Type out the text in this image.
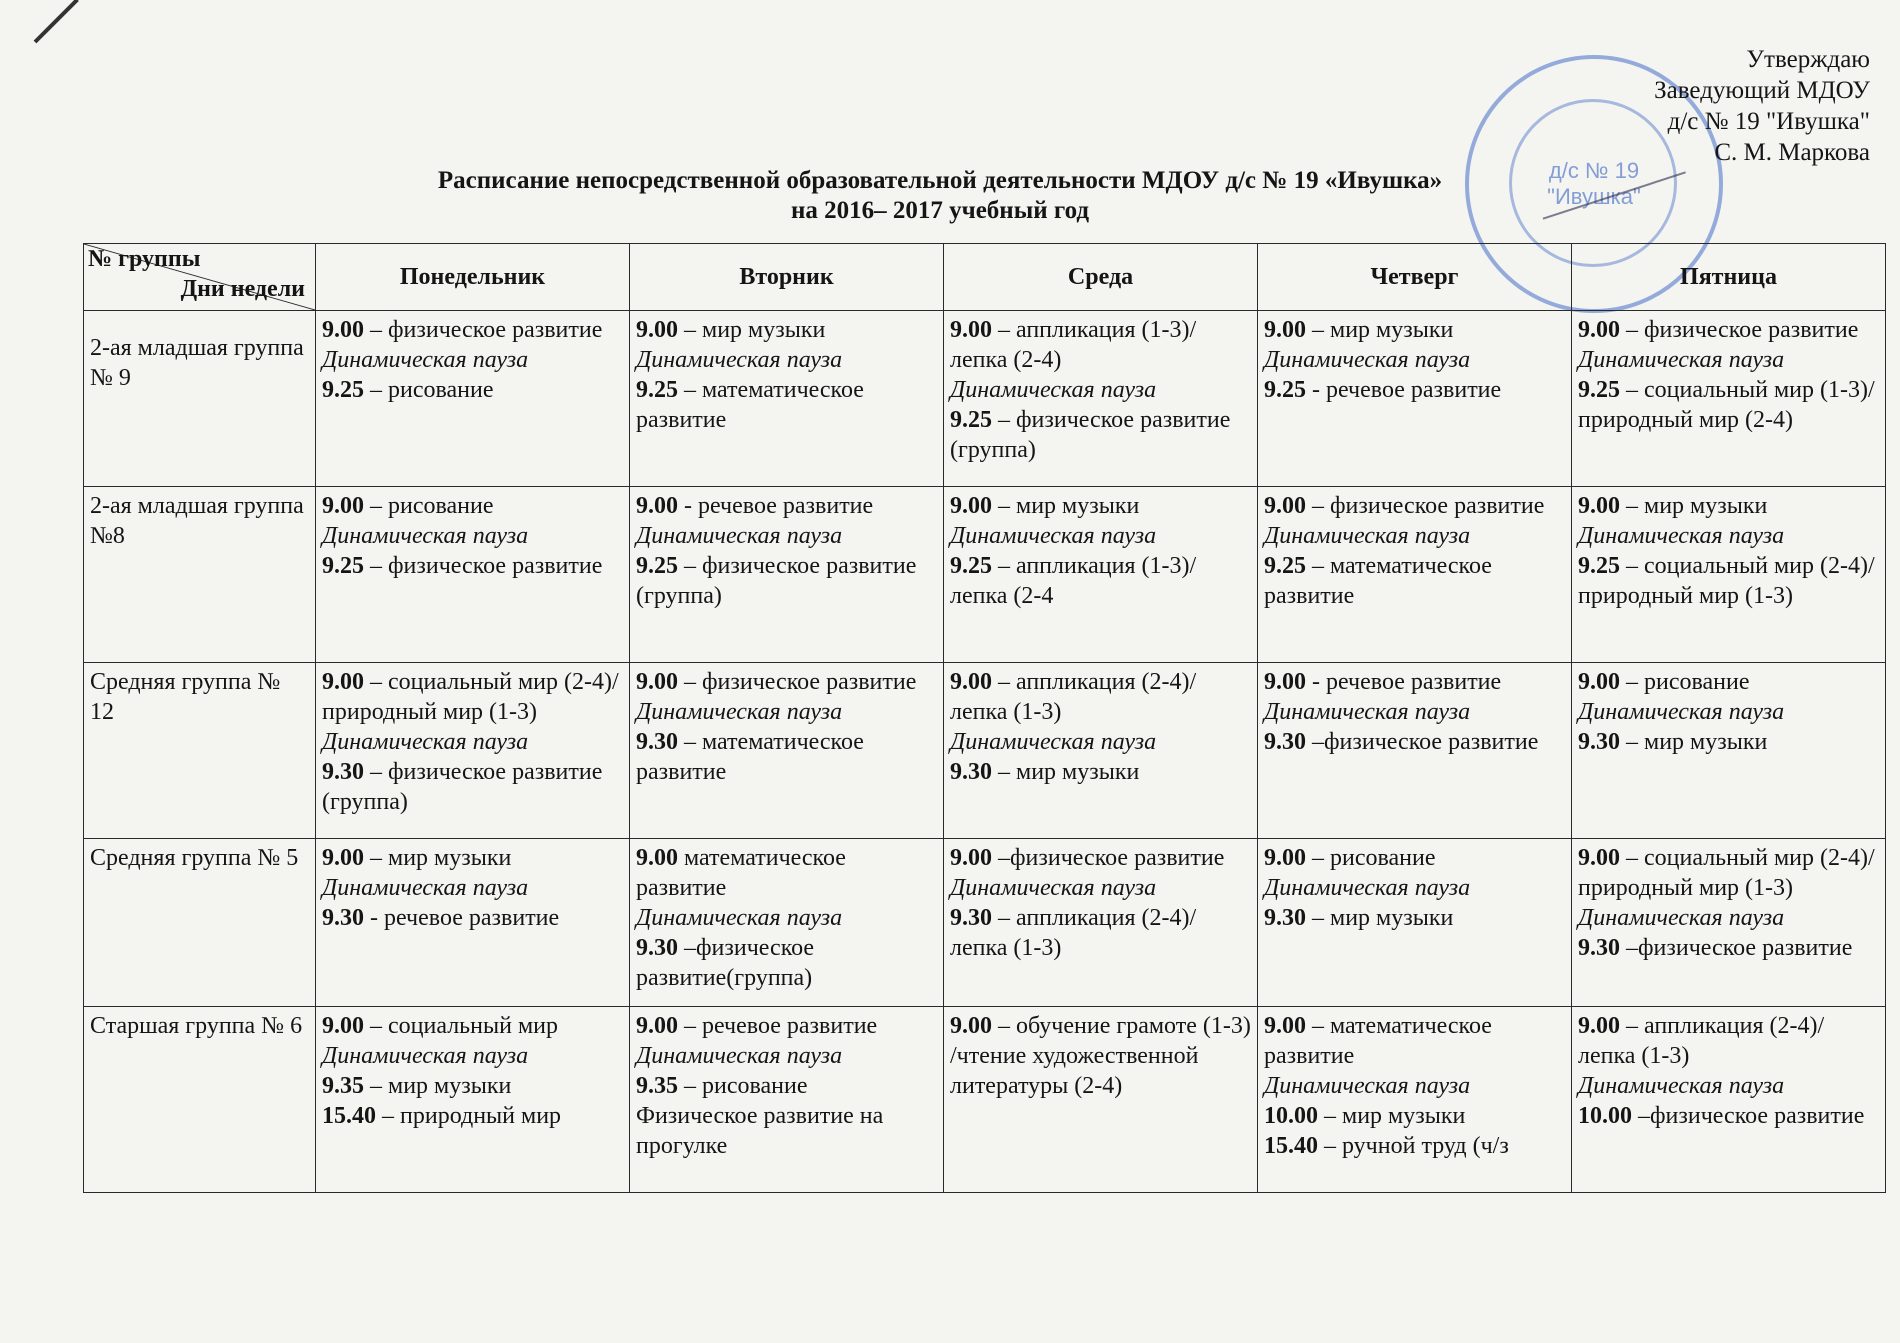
д/с № 19
"Ивушка"
Утверждаю
Заведующий МДОУ
д/с № 19 "Ивушка"
С. М. Маркова
Расписание непосредственной образовательной деятельности МДОУ д/с № 19 «Ивушка»
на 2016– 2017 учебный год
№ группы
Дни недели	Понедельник	Вторник	Среда	Четверг	Пятница
2-ая младшая группа № 9	9.00 – физическое развитие
Динамическая пауза
9.25 – рисование	9.00 – мир музыки
Динамическая пауза
9.25 – математическое развитие	9.00 – аппликация (1-3)/ лепка (2-4)
Динамическая пауза
9.25 – физическое развитие (группа)	9.00 – мир музыки
Динамическая пауза
9.25 - речевое развитие	9.00 – физическое развитие
Динамическая пауза
9.25 – социальный мир (1-3)/природный мир (2-4)

2-ая младшая группа №8	9.00 – рисование
Динамическая пауза
9.25 – физическое развитие	9.00 - речевое развитие
Динамическая пауза
9.25 – физическое развитие (группа)	9.00 – мир музыки
Динамическая пауза
9.25 – аппликация (1-3)/ лепка (2-4	9.00 – физическое развитие
Динамическая пауза
9.25 – математическое развитие	9.00 – мир музыки
Динамическая пауза
9.25 – социальный мир (2-4)/природный мир (1-3)

Средняя группа № 12	9.00 – социальный мир (2-4)/природный мир (1-3)
Динамическая пауза
9.30 – физическое развитие (группа)	9.00 – физическое развитие
Динамическая пауза
9.30 – математическое развитие	9.00 – аппликация (2-4)/ лепка (1-3)
Динамическая пауза
9.30 – мир музыки	9.00 - речевое развитие
Динамическая пауза
9.30 –физическое развитие	9.00 – рисование
Динамическая пауза
9.30 – мир музыки

Средняя группа № 5	9.00 – мир музыки
Динамическая пауза
9.30 - речевое развитие	9.00 математическое развитие
Динамическая пауза
9.30 –физическое развитие(группа)	9.00 –физическое развитие
Динамическая пауза
9.30 – аппликация (2-4)/ лепка (1-3)	9.00 – рисование
Динамическая пауза
9.30 – мир музыки	9.00 – социальный мир (2-4)/природный мир (1-3)
Динамическая пауза
9.30 –физическое развитие

Старшая группа № 6	9.00 – социальный мир
Динамическая пауза
9.35 – мир музыки
15.40 – природный мир	9.00 – речевое развитие
Динамическая пауза
9.35 – рисование
Физическое развитие на прогулке	9.00 – обучение грамоте (1-3) /чтение художественной литературы (2-4)	9.00 – математическое развитие
Динамическая пауза
10.00 – мир музыки
15.40 – ручной труд (ч/з	9.00 – аппликация (2-4)/ лепка (1-3)
Динамическая пауза
10.00 –физическое развитие
